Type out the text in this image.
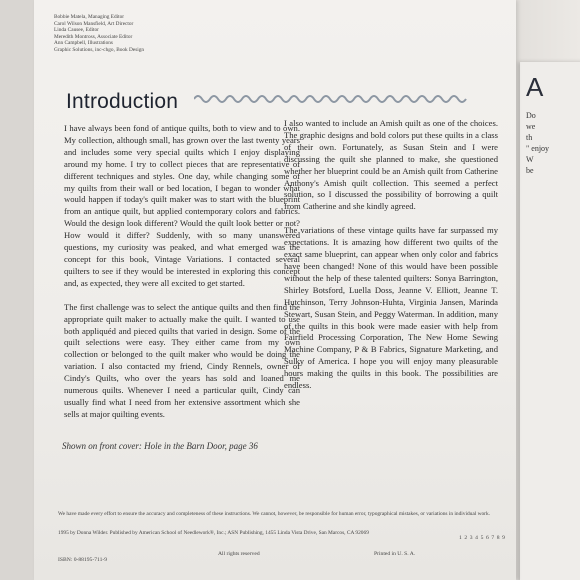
A
Do
we
th
" enjoy
W
be
Bobbie Matela, Managing Editor
Carol Wilson Mansfield, Art Director
Linda Causee, Editor
Meredith Montross, Associate Editor
Ann Campbell, Illustrations
Graphic Solutions, inc-chgo, Book Design
Introduction

I have always been fond of antique quilts, both to view and to own. My collection, although small, has grown over the last twenty years and includes some very special quilts which I enjoy displaying around my home. I try to collect pieces that are representative of different techniques and styles. One day, while changing some of my quilts from their wall or bed location, I began to wonder what would happen if today's quilt maker was to start with the blueprint from an antique quilt, but applied contemporary colors and fabrics. Would the design look different? Would the quilt look better or not? How would it differ? Suddenly, with so many unanswered questions, my curiosity was peaked, and what emerged was the concept for this book, Vintage Variations. I contacted several quilters to see if they would be interested in exploring this concept and, as expected, they were all excited to get started.

The first challenge was to select the antique quilts and then find the appropriate quilt maker to actually make the quilt. I wanted to use both appliquéd and pieced quilts that varied in design. Some of the quilt selections were easy. They either came from my own collection or belonged to the quilt maker who would be doing the variation. I also contacted my friend, Cindy Rennels, owner of Cindy's Quilts, who over the years has sold and loaned me numerous quilts. Whenever I need a particular quilt, Cindy can usually find what I need from her extensive assortment which she sells at major quilting events.

I also wanted to include an Amish quilt as one of the choices. The graphic designs and bold colors put these quilts in a class of their own. Fortunately, as Susan Stein and I were discussing the quilt she planned to make, she questioned whether her blueprint could be an Amish quilt from Catherine Anthony's Amish quilt collection. This seemed a perfect solution, so I discussed the possibility of borrowing a quilt from Catherine and she kindly agreed.

The variations of these vintage quilts have far surpassed my expectations. It is amazing how different two quilts of the exact same blueprint, can appear when only color and fabrics have been changed! None of this would have been possible without the help of these talented quilters: Sonya Barrington, Shirley Botsford, Luella Doss, Jeanne V. Elliott, Jeanne T. Hutchinson, Terry Johnson-Huhta, Virginia Jansen, Marinda Stewart, Susan Stein, and Peggy Waterman. In addition, many of the quilts in this book were made easier with help from Fairfield Processing Corporation, The New Home Sewing Machine Company, P & B Fabrics, Signature Marketing, and Sulky of America. I hope you will enjoy many pleasurable hours making the quilts in this book. The possibilities are endless.

Shown on front cover: Hole in the Barn Door, page 36
We have made every effort to ensure the accuracy and completeness of these instructions. We cannot, however, be responsible for human error, typographical mistakes, or variations in individual work.
1995 by Donna Wilder. Published by American School of Needlework®, Inc.; ASN Publishing, 1455 Linda Vista Drive, San Marcos, CA 92069
1 2 3 4 5 6 7 8 9
ISBN: 0-88195-711-9
All rights reserved	Printed in U. S. A.
